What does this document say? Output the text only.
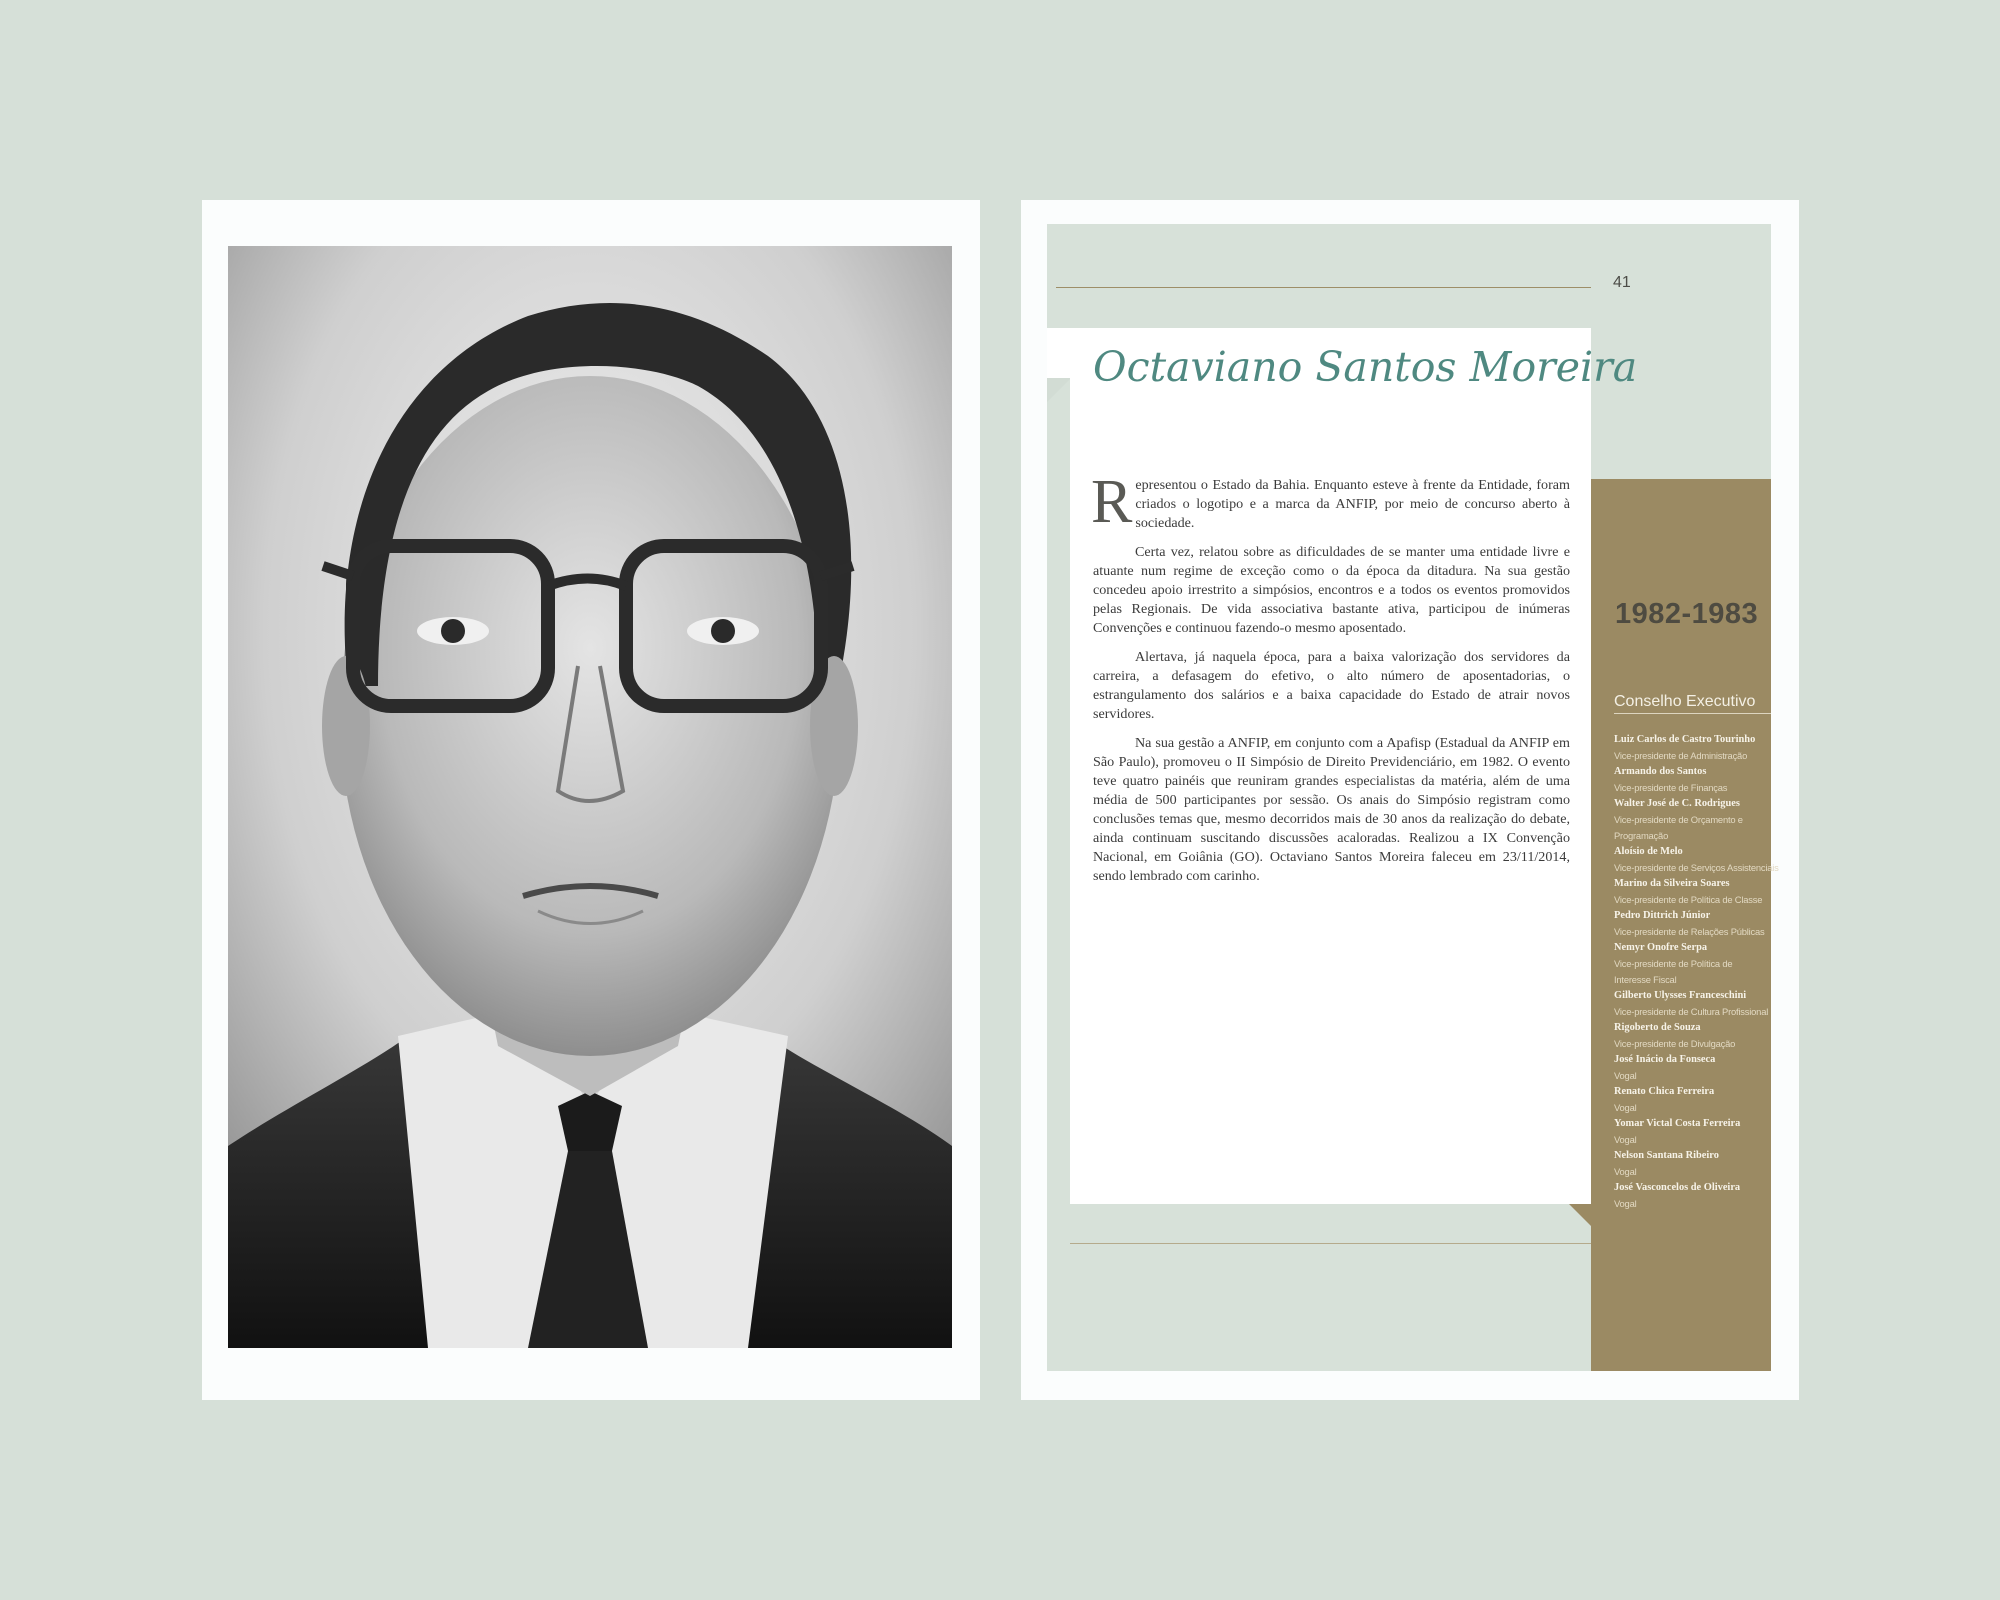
41
Octaviano Santos Moreira

Representou o Estado da Bahia. Enquanto esteve à frente da Entidade, foram criados o logotipo e a marca da ANFIP, por meio de concurso aberto à sociedade.

Certa vez, relatou sobre as dificuldades de se manter uma entidade livre e atuante num regime de exceção como o da época da ditadura. Na sua gestão concedeu apoio irrestrito a simpósios, encontros e a todos os eventos promovidos pelas Regionais. De vida associativa bastante ativa, participou de inúmeras Convenções e continuou fazendo-o mesmo aposentado.

Alertava, já naquela época, para a baixa valorização dos servidores da carreira, a defasagem do efetivo, o alto número de aposentadorias, o estrangulamento dos salários e a baixa capacidade do Estado de atrair novos servidores.

Na sua gestão a ANFIP, em conjunto com a Apafisp (Estadual da ANFIP em São Paulo), promoveu o II Simpósio de Direito Previdenciário, em 1982. O evento teve quatro painéis que reuniram grandes especialistas da matéria, além de uma média de 500 participantes por sessão. Os anais do Simpósio registram como conclusões temas que, mesmo decorridos mais de 30 anos da realização do debate, ainda continuam suscitando discussões acaloradas. Realizou a IX Convenção Nacional, em Goiânia (GO). Octaviano Santos Moreira faleceu em 23/11/2014, sendo lembrado com carinho.

1982-1983
Conselho Executivo
Luiz Carlos de Castro Tourinho
Vice-presidente de Administração
Armando dos Santos
Vice-presidente de Finanças
Walter José de C. Rodrigues
Vice-presidente de Orçamento e
Programação
Aloísio de Melo
Vice-presidente de Serviços Assistenciais
Marino da Silveira Soares
Vice-presidente de Política de Classe
Pedro Dittrich Júnior
Vice-presidente de Relações Públicas
Nemyr Onofre Serpa
Vice-presidente de Política de
Interesse Fiscal
Gilberto Ulysses Franceschini
Vice-presidente de Cultura Profissional
Rigoberto de Souza
Vice-presidente de Divulgação
José Inácio da Fonseca
Vogal
Renato Chica Ferreira
Vogal
Yomar Victal Costa Ferreira
Vogal
Nelson Santana Ribeiro
Vogal
José Vasconcelos de Oliveira
Vogal
